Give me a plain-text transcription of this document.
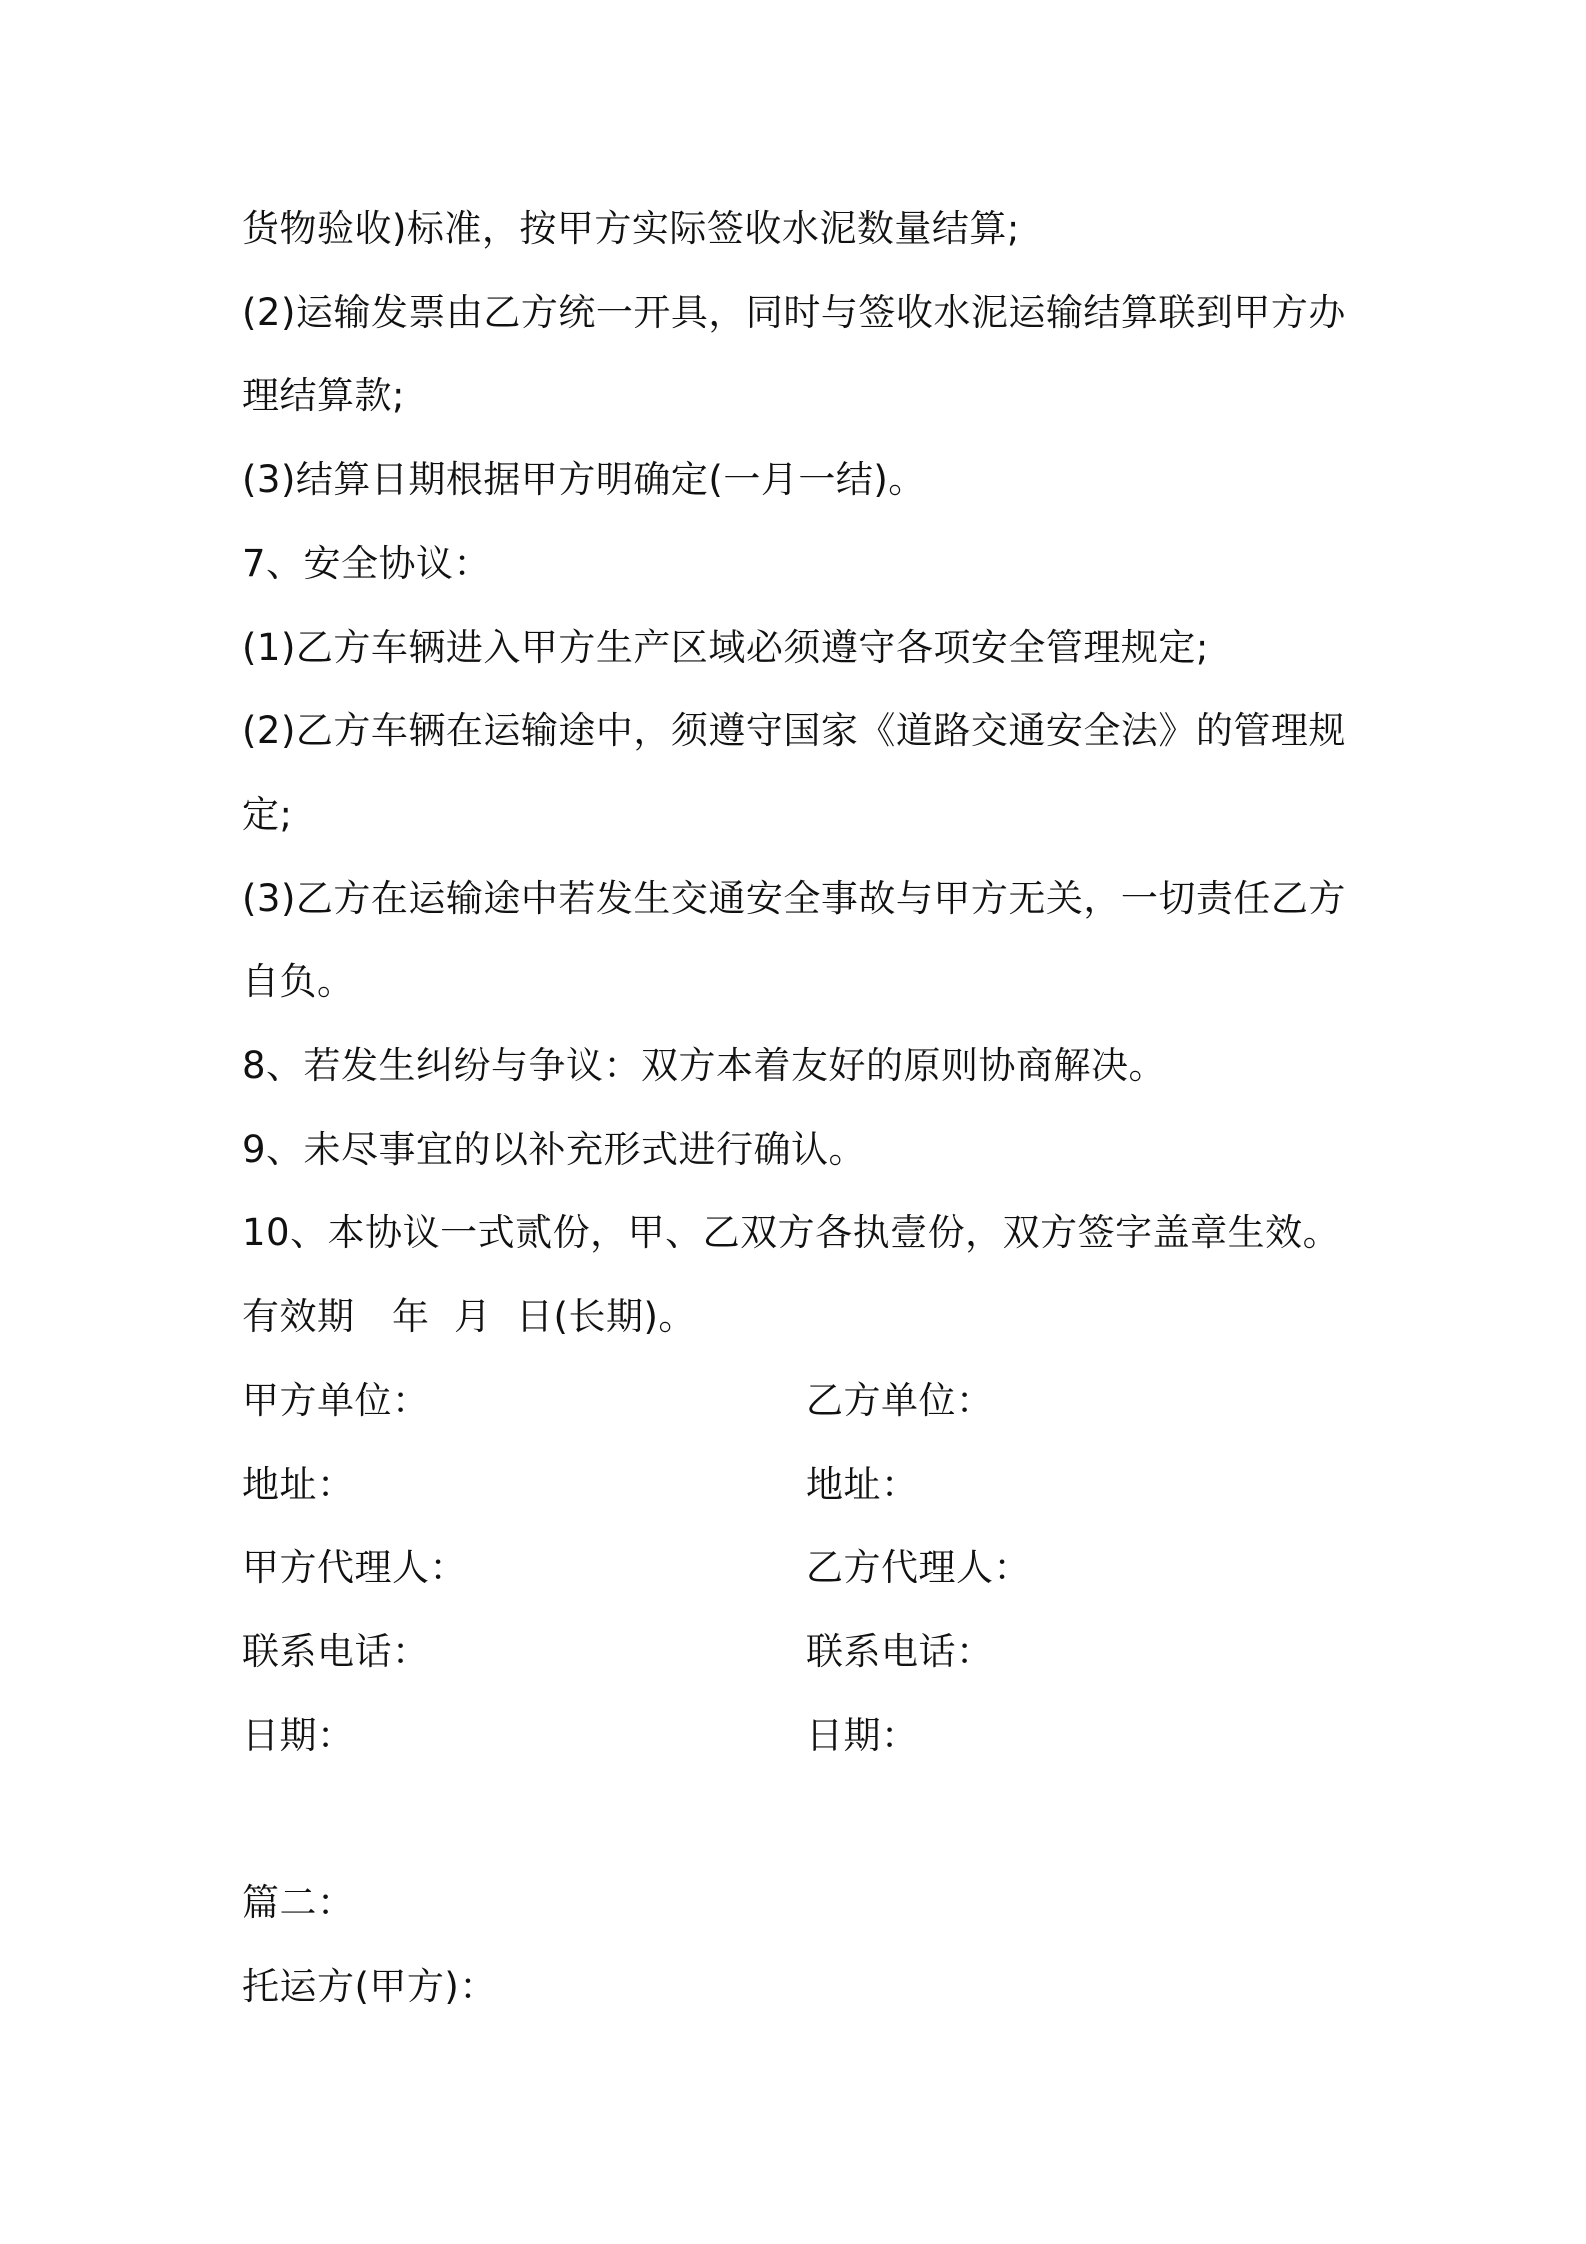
货物验收)标准，按甲方实际签收水泥数量结算;
(2)运输发票由乙方统一开具，同时与签收水泥运输结算联到甲方办
理结算款;
(3)结算日期根据甲方明确定(一月一结)。
7、安全协议：
(1)乙方车辆进入甲方生产区域必须遵守各项安全管理规定;
(2)乙方车辆在运输途中，须遵守国家《道路交通安全法》的管理规
定;
(3)乙方在运输途中若发生交通安全事故与甲方无关，一切责任乙方
自负。
8、若发生纠纷与争议：双方本着友好的原则协商解决。
9、未尽事宜的以补充形式进行确认。
10、本协议一式贰份，甲、乙双方各执壹份，双方签字盖章生效。
有效期　年  月  日(长期)。
甲方单位：	乙方单位：
地址：	地址：
甲方代理人：	乙方代理人：
联系电话：	联系电话：
日期：	日期：
篇二：
托运方(甲方)：
